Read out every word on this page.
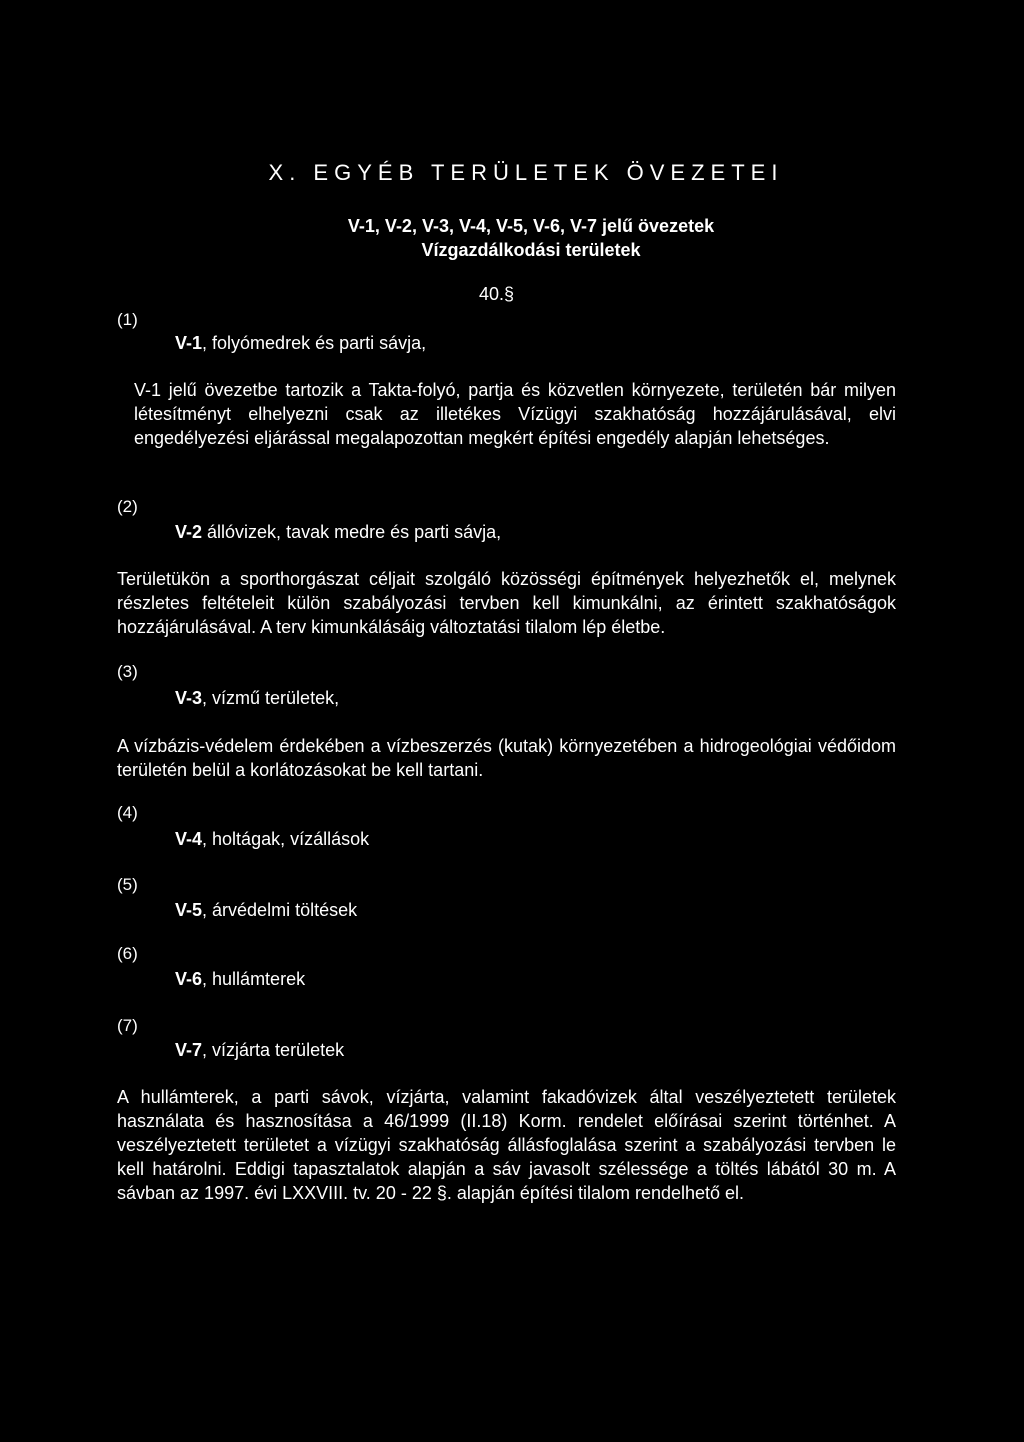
X. EGYÉB TERÜLETEK ÖVEZETEI
V-1, V-2, V-3, V-4, V-5, V-6, V-7 jelű övezetek
Vízgazdálkodási területek
40.§
(1)
V-1, folyómedrek és parti sávja,
V-1 jelű övezetbe tartozik a Takta-folyó, partja és közvetlen környezete, területén bár milyen létesítményt elhelyezni csak az illetékes Vízügyi szakhatóság hozzájárulásával, elvi engedélyezési eljárással megalapozottan megkért építési engedély alapján lehetséges.
(2)
V-2 állóvizek, tavak medre és parti sávja,
Területükön a sporthorgászat céljait szolgáló közösségi építmények helyezhetők el, melynek részletes feltételeit külön szabályozási tervben kell kimunkálni, az érintett szakhatóságok hozzájárulásával. A terv kimunkálásáig változtatási tilalom lép életbe.
(3)
V-3, vízmű területek,
A vízbázis-védelem érdekében a vízbeszerzés (kutak) környezetében a hidrogeológiai védőidom területén belül a korlátozásokat be kell tartani.
(4)
V-4, holtágak, vízállások
(5)
V-5, árvédelmi töltések
(6)
V-6, hullámterek
(7)
V-7, vízjárta területek
A hullámterek, a parti sávok, vízjárta, valamint fakadóvizek által veszélyeztetett területek használata és hasznosítása a 46/1999 (II.18) Korm. rendelet előírásai szerint történhet. A veszélyeztetett területet a vízügyi szakhatóság állásfoglalása szerint a szabályozási tervben le kell határolni. Eddigi tapasztalatok alapján a sáv javasolt szélessége a töltés lábától 30 m. A sávban az 1997. évi LXXVIII. tv. 20 - 22 §. alapján építési tilalom rendelhető el.
